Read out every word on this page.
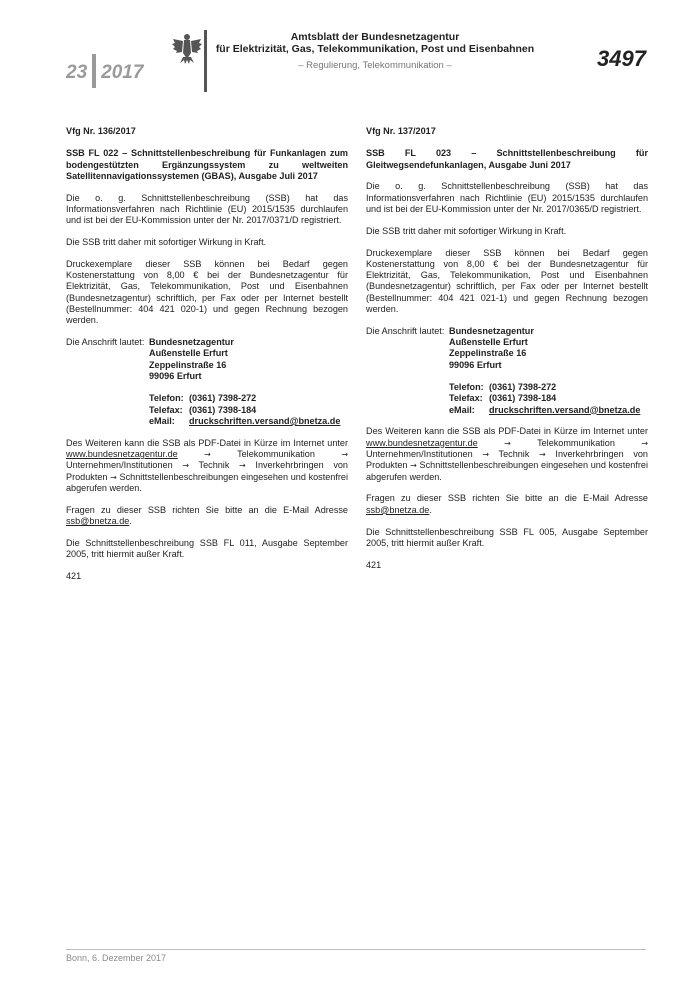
23 2017
Amtsblatt der Bundesnetzagentur
für Elektrizität, Gas, Telekommunikation, Post und Eisenbahnen
– Regulierung, Telekommunikation –	3497

Vfg Nr. 136/2017

SSB FL 022 – Schnittstellenbeschreibung für Funkanlagen zum bodengestützten Ergänzungssystem zu weltweiten Satellitennavigationssystemen (GBAS), Ausgabe Juli 2017

Die o. g. Schnittstellenbeschreibung (SSB) hat das Informationsverfahren nach Richtlinie (EU) 2015/1535 durchlaufen und ist bei der EU-Kommission unter der Nr. 2017/0371/D registriert.

Die SSB tritt daher mit sofortiger Wirkung in Kraft.

Druckexemplare dieser SSB können bei Bedarf gegen Kostenerstattung von 8,00 € bei der Bundesnetzagentur für Elektrizität, Gas, Telekommunikation, Post und Eisenbahnen (Bundesnetzagentur) schriftlich, per Fax oder per Internet bestellt (Bestellnummer: 404 421 020-1) und gegen Rechnung bezogen werden.

Die Anschrift lautet: Bundesnetzagentur
Außenstelle Erfurt
Zeppelinstraße 16
99096 Erfurt
Telefon: (0361) 7398-272
Telefax: (0361) 7398-184
eMail:	druckschriften.versand@bnetza.de

Des Weiteren kann die SSB als PDF-Datei in Kürze im Internet unter www.bundesnetzagentur.de	→ Telekommunikation → Unternehmen/Institutionen → Technik → Inverkehrbringen von Produkten → Schnittstellenbeschreibungen eingesehen und kostenfrei abgerufen werden.

Fragen zu dieser SSB richten Sie bitte an die E-Mail Adresse ssb@bnetza.de.

Die Schnittstellenbeschreibung SSB FL 011, Ausgabe September 2005, tritt hiermit außer Kraft.

421

Vfg Nr. 137/2017

SSB FL 023 – Schnittstellenbeschreibung für Gleitwegsendefunkanlagen, Ausgabe Juni 2017

Die o. g. Schnittstellenbeschreibung (SSB) hat das Informationsverfahren nach Richtlinie (EU) 2015/1535 durchlaufen und ist bei der EU-Kommission unter der Nr. 2017/0365/D registriert.

Die SSB tritt daher mit sofortiger Wirkung in Kraft.

Druckexemplare dieser SSB können bei Bedarf gegen Kostenerstattung von 8,00 € bei der Bundesnetzagentur für Elektrizität, Gas, Telekommunikation, Post und Eisenbahnen (Bundesnetzagentur) schriftlich, per Fax oder per Internet bestellt (Bestellnummer: 404 421 021-1) und gegen Rechnung bezogen werden.

Die Anschrift lautet: Bundesnetzagentur
Außenstelle Erfurt
Zeppelinstraße 16
99096 Erfurt
Telefon: (0361) 7398-272
Telefax: (0361) 7398-184
eMail:	druckschriften.versand@bnetza.de

Des Weiteren kann die SSB als PDF-Datei in Kürze im Internet unter www.bundesnetzagentur.de	→ Telekommunikation → Unternehmen/Institutionen → Technik → Inverkehrbringen von Produkten → Schnittstellenbeschreibungen eingesehen und kostenfrei abgerufen werden.

Fragen zu dieser SSB richten Sie bitte an die E-Mail Adresse ssb@bnetza.de.

Die Schnittstellenbeschreibung SSB FL 005, Ausgabe September 2005, tritt hiermit außer Kraft.

421

Bonn, 6. Dezember 2017
